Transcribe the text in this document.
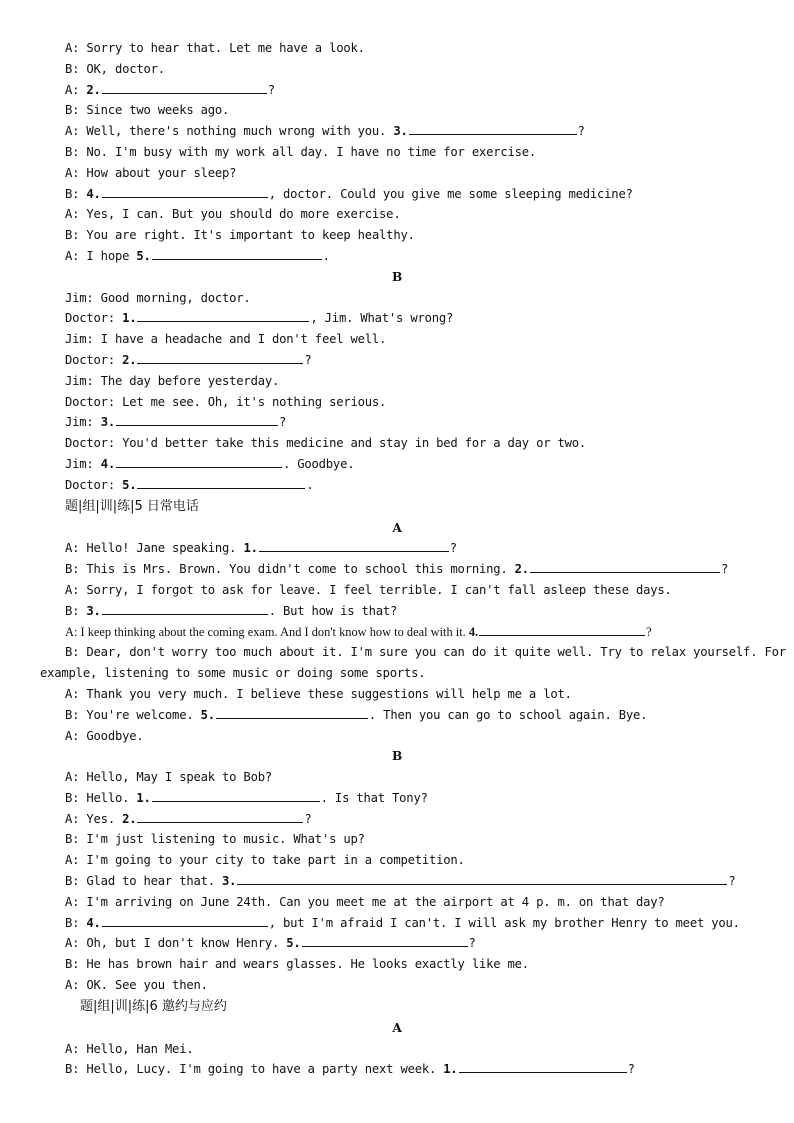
A: Sorry to hear that. Let me have a look.
B: OK, doctor.
A: 2.	?
B: Since two weeks ago.
A: Well, there's nothing much wrong with you. 3.	?
B: No. I'm busy with my work all day. I have no time for exercise.
A: How about your sleep?
B: 4.	, doctor. Could you give me some sleeping medicine?
A: Yes, I can. But you should do more exercise.
B: You are right. It's important to keep healthy.
A: I hope 5.	.
B
Jim: Good morning, doctor.
Doctor: 1.	, Jim. What's wrong?
Jim: I have a headache and I don't feel well.
Doctor: 2.	?
Jim: The day before yesterday.
Doctor: Let me see. Oh, it's nothing serious.
Jim: 3.	?
Doctor: You'd better take this medicine and stay in bed for a day or two.
Jim: 4.	. Goodbye.
Doctor: 5.	.
题|组|训|练|5 日常电话
A
A: Hello! Jane speaking. 1.	?
B: This is Mrs. Brown. You didn't come to school this morning. 2.	?
A: Sorry, I forgot to ask for leave. I feel terrible. I can't fall asleep these days.
B: 3.	. But how is that?
A: I keep thinking about the coming exam. And I don't know how to deal with it. 4.	?
B: Dear, don't worry too much about it. I'm sure you can do it quite well. Try to relax yourself. For
example, listening to some music or doing some sports.
A: Thank you very much. I believe these suggestions will help me a lot.
B: You're welcome. 5.	. Then you can go to school again. Bye.
A: Goodbye.
B
A: Hello, May I speak to Bob?
B: Hello. 1.	. Is that Tony?
A: Yes. 2.	?
B: I'm just listening to music. What's up?
A: I'm going to your city to take part in a competition.
B: Glad to hear that. 3.	?
A: I'm arriving on June 24th. Can you meet me at the airport at 4 p. m. on that day?
B: 4.	, but I'm afraid I can't. I will ask my brother Henry to meet you.
A: Oh, but I don't know Henry. 5.	?
B: He has brown hair and wears glasses. He looks exactly like me.
A: OK. See you then.
题|组|训|练|6 邀约与应约
A
A: Hello, Han Mei.
B: Hello, Lucy. I'm going to have a party next week. 1.	?
